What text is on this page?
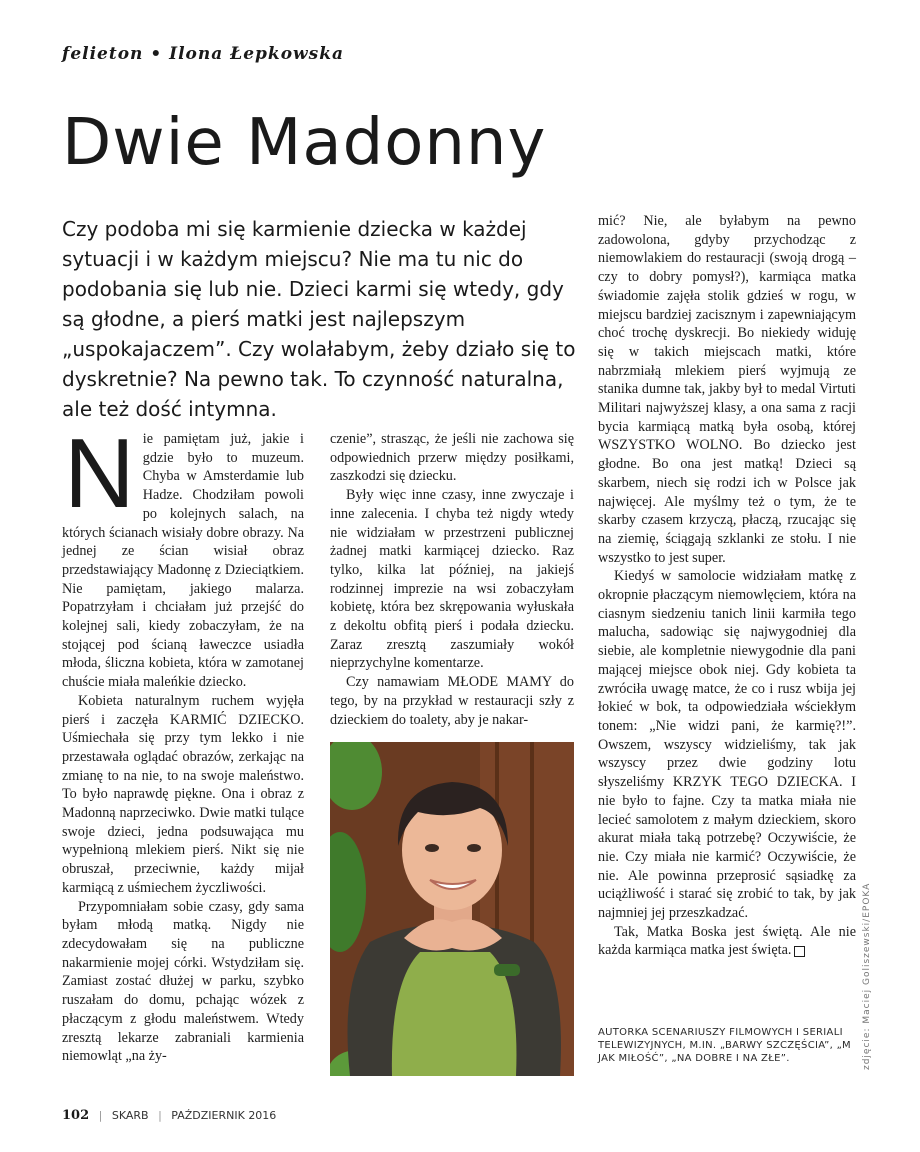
felieton • Ilona Łepkowska
Dwie Madonny

Czy podoba mi się karmienie dziecka w każdej sytuacji i w każdym miejscu? Nie ma tu nic do podobania się lub nie. Dzieci karmi się wtedy, gdy są głodne, a pierś matki jest najlepszym „uspokajaczem”. Czy wolałabym, żeby działo się to dyskretnie? Na pewno tak. To czynność naturalna, ale też dość intymna.

Nie pamiętam już, jakie i gdzie było to muzeum. Chyba w Amsterdamie lub Hadze. Chodziłam powoli po kolejnych salach, na których ścianach wisiały dobre obrazy. Na jednej ze ścian wisiał obraz przedstawiający Madonnę z Dzieciątkiem. Nie pamiętam, jakiego malarza. Popatrzyłam i chciałam już przejść do kolejnej sali, kiedy zobaczyłam, że na stojącej pod ścianą ławeczce usiadła młoda, śliczna kobieta, która w zamotanej chuście miała maleńkie dziecko.

Kobieta naturalnym ruchem wyjęła pierś i zaczęła KARMIĆ DZIECKO. Uśmiechała się przy tym lekko i nie przestawała oglądać obrazów, zerkając na zmianę to na nie, to na swoje maleństwo. To było naprawdę piękne. Ona i obraz z Madonną naprzeciwko. Dwie matki tulące swoje dzieci, jedna podsuwająca mu wypełnioną mlekiem pierś. Nikt się nie obruszał, przeciwnie, każdy mijał karmiącą z uśmiechem życzliwości.

Przypomniałam sobie czasy, gdy sama byłam młodą matką. Nigdy nie zdecydowałam się na publiczne nakarmienie mojej córki. Wstydziłam się. Zamiast zostać dłużej w parku, szybko ruszałam do domu, pchając wózek z płaczącym z głodu maleństwem. Wtedy zresztą lekarze zabraniali karmienia niemowląt „na ży-

czenie”, strasząc, że jeśli nie zachowa się odpowiednich przerw między posiłkami, zaszkodzi się dziecku.

Były więc inne czasy, inne zwyczaje i inne zalecenia. I chyba też nigdy wtedy nie widziałam w przestrzeni publicznej żadnej matki karmiącej dziecko. Raz tylko, kilka lat później, na jakiejś rodzinnej imprezie na wsi zobaczyłam kobietę, która bez skrępowania wyłuskała z dekoltu obfitą pierś i podała dziecku. Zaraz zresztą zaszumiały wokół nieprzychylne komentarze.

Czy namawiam MŁODE MAMY do tego, by na przykład w restauracji szły z dzieckiem do toalety, aby je nakar-

mić? Nie, ale byłabym na pewno zadowolona, gdyby przychodząc z niemowlakiem do restauracji (swoją drogą – czy to dobry pomysł?), karmiąca matka świadomie zajęła stolik gdzieś w rogu, w miejscu bardziej zacisznym i zapewniającym choć trochę dyskrecji. Bo niekiedy widuję się w takich miejscach matki, które nabrzmiałą mlekiem pierś wyjmują ze stanika dumne tak, jakby był to medal Virtuti Militari najwyższej klasy, a ona sama z racji bycia karmiącą matką była osobą, której WSZYSTKO WOLNO. Bo dziecko jest głodne. Bo ona jest matką! Dzieci są skarbem, niech się rodzi ich w Polsce jak najwięcej. Ale myślmy też o tym, że te skarby czasem krzyczą, płaczą, rzucając się na ziemię, ściągają szklanki ze stołu. I nie wszystko to jest super.

Kiedyś w samolocie widziałam matkę z okropnie płaczącym niemowlęciem, która na ciasnym siedzeniu tanich linii karmiła tego malucha, sadowiąc się najwygodniej dla siebie, ale kompletnie niewygodnie dla pani mającej miejsce obok niej. Gdy kobieta ta zwróciła uwagę matce, że co i rusz wbija jej łokieć w bok, ta odpowiedziała wściekłym tonem: „Nie widzi pani, że karmię?!”. Owszem, wszyscy widzieliśmy, tak jak wszyscy przez dwie godziny lotu słyszeliśmy KRZYK TEGO DZIECKA. I nie było to fajne. Czy ta matka miała nie lecieć samolotem z małym dzieckiem, skoro akurat miała taką potrzebę? Oczywiście, że nie. Czy miała nie karmić? Oczywiście, że nie. Ale powinna przeprosić sąsiadkę za uciążliwość i starać się zrobić to tak, by jak najmniej jej przeszkadzać.

Tak, Matka Boska jest świętą. Ale nie każda karmiąca matka jest święta.

AUTORKA SCENARIUSZY FILMOWYCH I SERIALI TELEWIZYJNYCH, M.IN. „BARWY SZCZĘŚCIA”, „M JAK MIŁOŚĆ”, „NA DOBRE I NA ZŁE”.	zdjęcie: Maciej Goliszewski/EPOKA
102 | SKARB | PAŹDZIERNIK 2016
